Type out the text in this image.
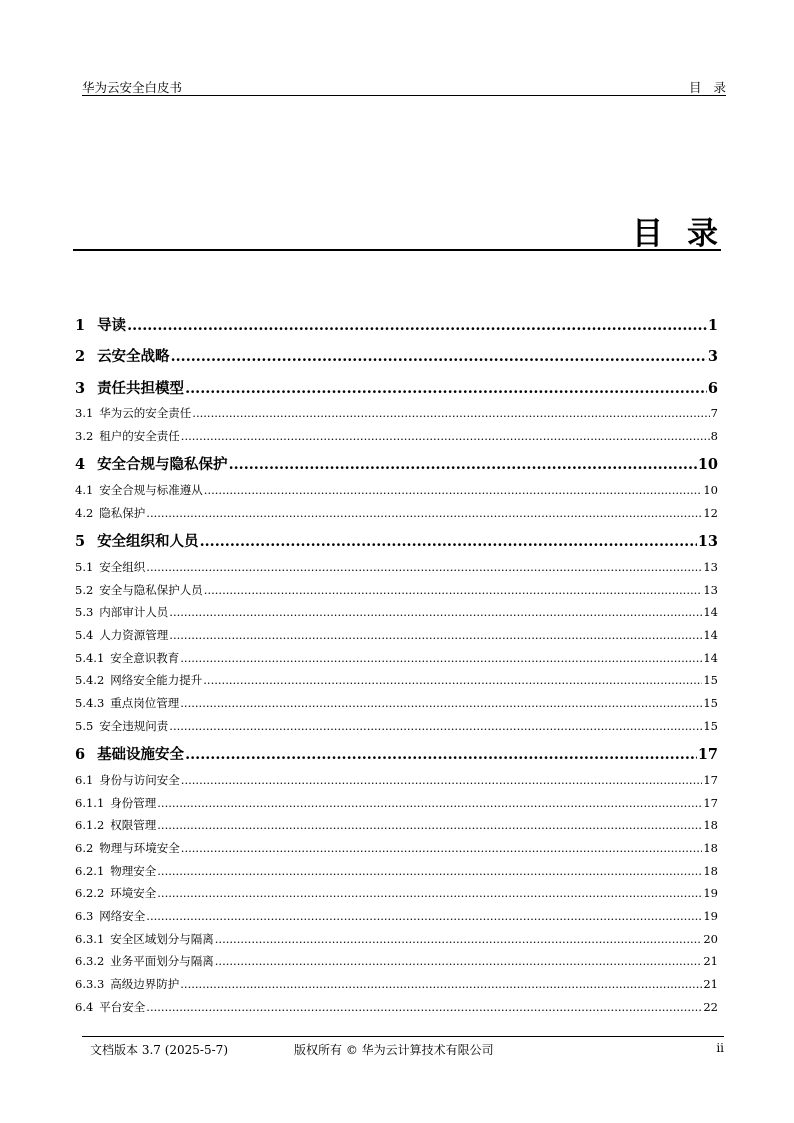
华为云安全白皮书	目录
目录
1 导读 .....	1
2 云安全战略 .....	3
3 责任共担模型 .....	6
3.1 华为云的安全责任 .....	7
3.2 租户的安全责任 .....	8
4 安全合规与隐私保护 .....	10
4.1 安全合规与标准遵从 .....	10
4.2 隐私保护 .....	12
5 安全组织和人员 .....	13
5.1 安全组织 .....	13
5.2 安全与隐私保护人员 .....	13
5.3 内部审计人员 .....	14
5.4 人力资源管理 .....	14
5.4.1 安全意识教育 .....	14
5.4.2 网络安全能力提升 .....	15
5.4.3 重点岗位管理 .....	15
5.5 安全违规问责 .....	15
6 基础设施安全 .....	17
6.1 身份与访问安全 .....	17
6.1.1 身份管理 .....	17
6.1.2 权限管理 .....	18
6.2 物理与环境安全 .....	18
6.2.1 物理安全 .....	18
6.2.2 环境安全 .....	19
6.3 网络安全 .....	19
6.3.1 安全区域划分与隔离 .....	20
6.3.2 业务平面划分与隔离 .....	21
6.3.3 高级边界防护 .....	21
6.4 平台安全 .....	22
文档版本 3.7 (2025-5-7)	版权所有 © 华为云计算技术有限公司	ii
